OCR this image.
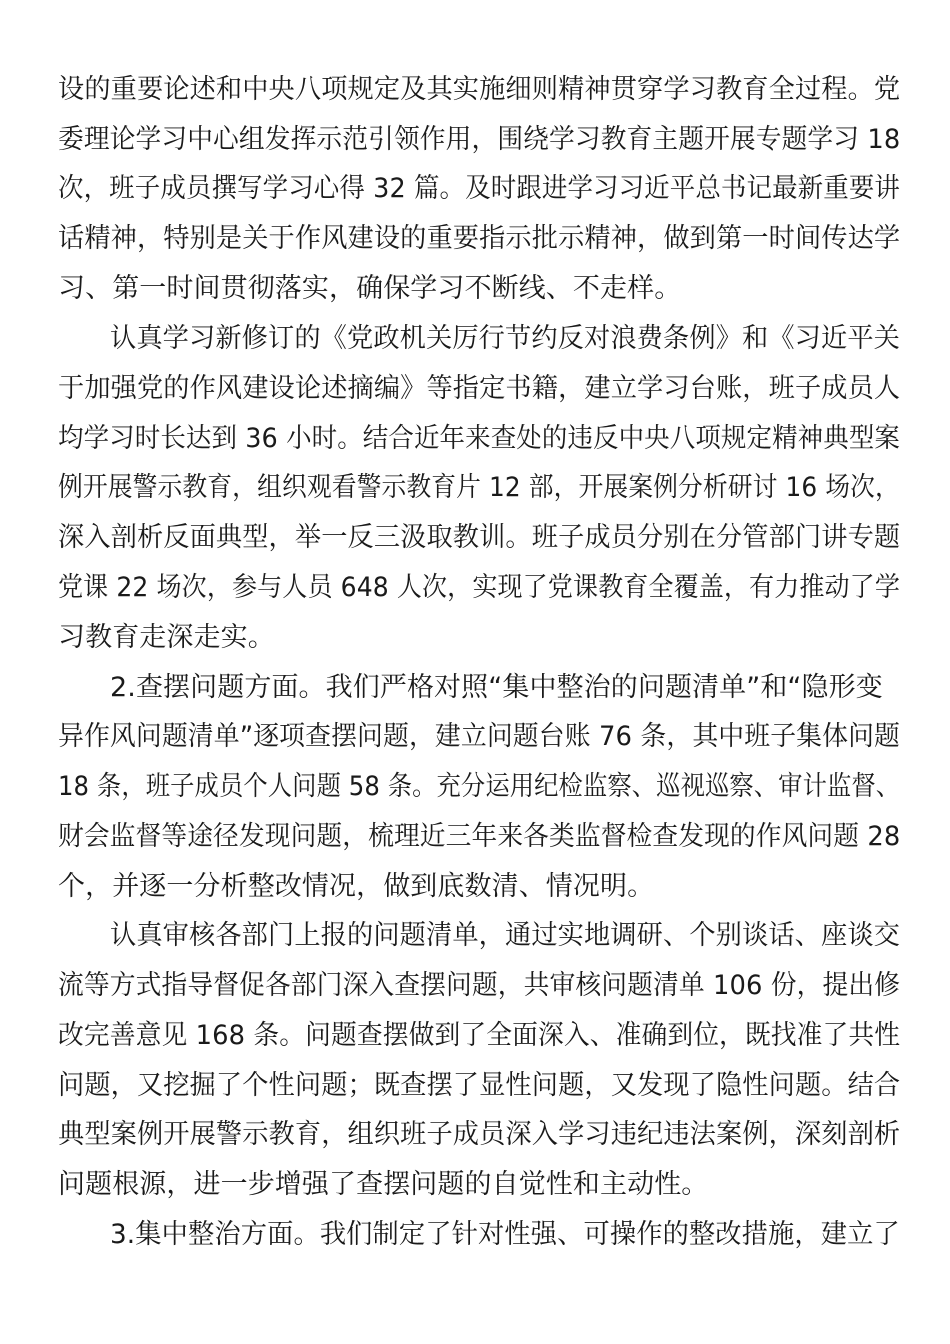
设的重要论述和中央八项规定及其实施细则精神贯穿学习教育全过程。党
委理论学习中心组发挥示范引领作用，围绕学习教育主题开展专题学习 18
次，班子成员撰写学习心得 32 篇。及时跟进学习习近平总书记最新重要讲
话精神，特别是关于作风建设的重要指示批示精神，做到第一时间传达学
习、第一时间贯彻落实，确保学习不断线、不走样。
认真学习新修订的《党政机关厉行节约反对浪费条例》和《习近平关
于加强党的作风建设论述摘编》等指定书籍，建立学习台账，班子成员人
均学习时长达到 36 小时。结合近年来查处的违反中央八项规定精神典型案
例开展警示教育，组织观看警示教育片 12 部，开展案例分析研讨 16 场次，
深入剖析反面典型，举一反三汲取教训。班子成员分别在分管部门讲专题
党课 22 场次，参与人员 648 人次，实现了党课教育全覆盖，有力推动了学
习教育走深走实。
2.查摆问题方面。我们严格对照“集中整治的问题清单”和“隐形变
异作风问题清单”逐项查摆问题，建立问题台账 76 条，其中班子集体问题
18 条，班子成员个人问题 58 条。充分运用纪检监察、巡视巡察、审计监督、
财会监督等途径发现问题，梳理近三年来各类监督检查发现的作风问题 28
个，并逐一分析整改情况，做到底数清、情况明。
认真审核各部门上报的问题清单，通过实地调研、个别谈话、座谈交
流等方式指导督促各部门深入查摆问题，共审核问题清单 106 份，提出修
改完善意见 168 条。问题查摆做到了全面深入、准确到位，既找准了共性
问题，又挖掘了个性问题；既查摆了显性问题，又发现了隐性问题。结合
典型案例开展警示教育，组织班子成员深入学习违纪违法案例，深刻剖析
问题根源，进一步增强了查摆问题的自觉性和主动性。
3.集中整治方面。我们制定了针对性强、可操作的整改措施，建立了
